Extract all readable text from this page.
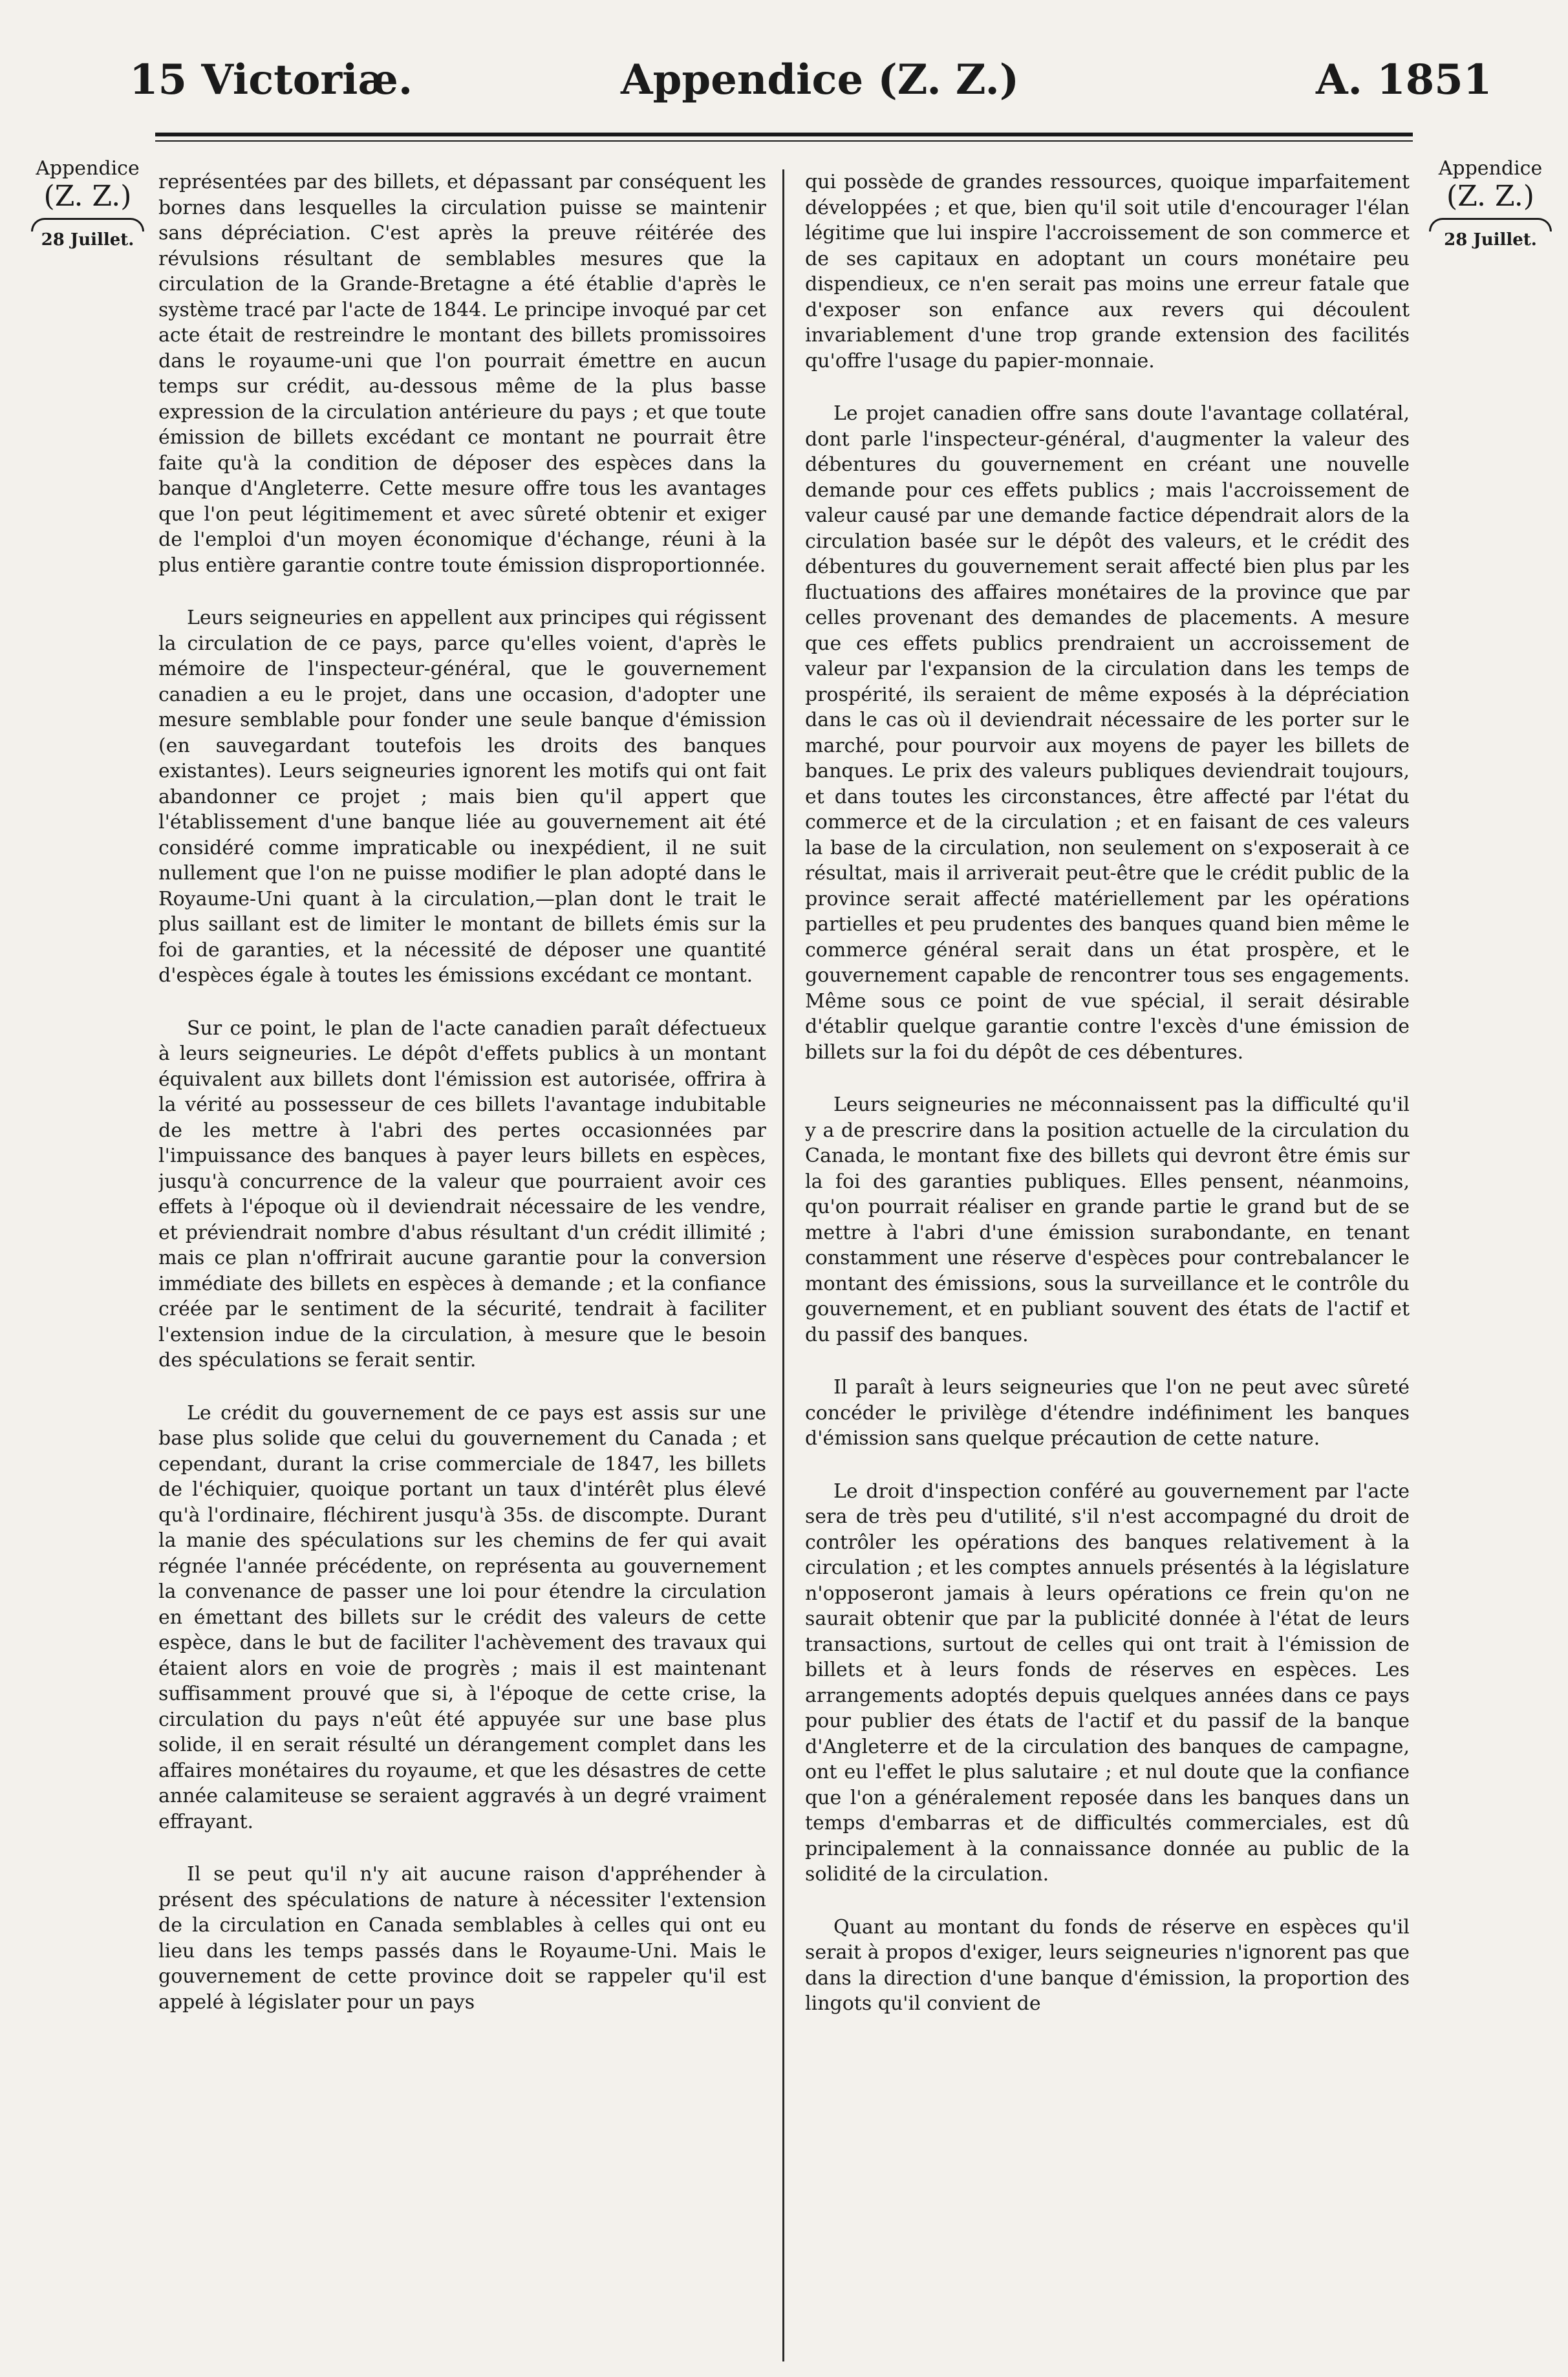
15 Victoriæ.	Appendice (Z. Z.)	A. 1851
Appendice
(Z. Z.)
28 Juillet.
Appendice
(Z. Z.)
28 Juillet.

représentées par des billets, et dépassant par conséquent les bornes dans lesquelles la circulation puisse se maintenir sans dépréciation. C'est après la preuve réitérée des révulsions résultant de semblables mesures que la circulation de la Grande-Bretagne a été établie d'après le système tracé par l'acte de 1844. Le principe invoqué par cet acte était de restreindre le montant des billets promissoires dans le royaume-uni que l'on pourrait émettre en aucun temps sur crédit, au-dessous même de la plus basse expression de la circulation antérieure du pays ; et que toute émission de billets excédant ce montant ne pourrait être faite qu'à la condition de déposer des espèces dans la banque d'Angleterre. Cette mesure offre tous les avantages que l'on peut légitimement et avec sûreté obtenir et exiger de l'emploi d'un moyen économique d'échange, réuni à la plus entière garantie contre toute émission disproportionnée.

Leurs seigneuries en appellent aux principes qui régissent la circulation de ce pays, parce qu'elles voient, d'après le mémoire de l'inspecteur-général, que le gouvernement canadien a eu le projet, dans une occasion, d'adopter une mesure semblable pour fonder une seule banque d'émission (en sauvegardant toutefois les droits des banques existantes). Leurs seigneuries ignorent les motifs qui ont fait abandonner ce projet ; mais bien qu'il appert que l'établissement d'une banque liée au gouvernement ait été considéré comme impraticable ou inexpédient, il ne suit nullement que l'on ne puisse modifier le plan adopté dans le Royaume-Uni quant à la circulation,—plan dont le trait le plus saillant est de limiter le montant de billets émis sur la foi de garanties, et la nécessité de déposer une quantité d'espèces égale à toutes les émissions excédant ce montant.

Sur ce point, le plan de l'acte canadien paraît défectueux à leurs seigneuries. Le dépôt d'effets publics à un montant équivalent aux billets dont l'émission est autorisée, offrira à la vérité au possesseur de ces billets l'avantage indubitable de les mettre à l'abri des pertes occasionnées par l'impuissance des banques à payer leurs billets en espèces, jusqu'à concurrence de la valeur que pourraient avoir ces effets à l'époque où il deviendrait nécessaire de les vendre, et préviendrait nombre d'abus résultant d'un crédit illimité ; mais ce plan n'offrirait aucune garantie pour la conversion immédiate des billets en espèces à demande ; et la confiance créée par le sentiment de la sécurité, tendrait à faciliter l'extension indue de la circulation, à mesure que le besoin des spéculations se ferait sentir.

Le crédit du gouvernement de ce pays est assis sur une base plus solide que celui du gouvernement du Canada ; et cependant, durant la crise commerciale de 1847, les billets de l'échiquier, quoique portant un taux d'intérêt plus élevé qu'à l'ordinaire, fléchirent jusqu'à 35s. de discompte. Durant la manie des spéculations sur les chemins de fer qui avait régnée l'année précédente, on représenta au gouvernement la convenance de passer une loi pour étendre la circulation en émettant des billets sur le crédit des valeurs de cette espèce, dans le but de faciliter l'achèvement des travaux qui étaient alors en voie de progrès ; mais il est maintenant suffisamment prouvé que si, à l'époque de cette crise, la circulation du pays n'eût été appuyée sur une base plus solide, il en serait résulté un dérangement complet dans les affaires monétaires du royaume, et que les désastres de cette année calamiteuse se seraient aggravés à un degré vraiment effrayant.

Il se peut qu'il n'y ait aucune raison d'appréhender à présent des spéculations de nature à nécessiter l'extension de la circulation en Canada semblables à celles qui ont eu lieu dans les temps passés dans le Royaume-Uni. Mais le gouvernement de cette province doit se rappeler qu'il est appelé à législater pour un pays

qui possède de grandes ressources, quoique imparfaitement développées ; et que, bien qu'il soit utile d'encourager l'élan légitime que lui inspire l'accroissement de son commerce et de ses capitaux en adoptant un cours monétaire peu dispendieux, ce n'en serait pas moins une erreur fatale que d'exposer son enfance aux revers qui découlent invariablement d'une trop grande extension des facilités qu'offre l'usage du papier-monnaie.

Le projet canadien offre sans doute l'avantage collatéral, dont parle l'inspecteur-général, d'augmenter la valeur des débentures du gouvernement en créant une nouvelle demande pour ces effets publics ; mais l'accroissement de valeur causé par une demande factice dépendrait alors de la circulation basée sur le dépôt des valeurs, et le crédit des débentures du gouvernement serait affecté bien plus par les fluctuations des affaires monétaires de la province que par celles provenant des demandes de placements. A mesure que ces effets publics prendraient un accroissement de valeur par l'expansion de la circulation dans les temps de prospérité, ils seraient de même exposés à la dépréciation dans le cas où il deviendrait nécessaire de les porter sur le marché, pour pourvoir aux moyens de payer les billets de banques. Le prix des valeurs publiques deviendrait toujours, et dans toutes les circonstances, être affecté par l'état du commerce et de la circulation ; et en faisant de ces valeurs la base de la circulation, non seulement on s'exposerait à ce résultat, mais il arriverait peut-être que le crédit public de la province serait affecté matériellement par les opérations partielles et peu prudentes des banques quand bien même le commerce général serait dans un état prospère, et le gouvernement capable de rencontrer tous ses engagements. Même sous ce point de vue spécial, il serait désirable d'établir quelque garantie contre l'excès d'une émission de billets sur la foi du dépôt de ces débentures.

Leurs seigneuries ne méconnaissent pas la difficulté qu'il y a de prescrire dans la position actuelle de la circulation du Canada, le montant fixe des billets qui devront être émis sur la foi des garanties publiques. Elles pensent, néanmoins, qu'on pourrait réaliser en grande partie le grand but de se mettre à l'abri d'une émission surabondante, en tenant constamment une réserve d'espèces pour contrebalancer le montant des émissions, sous la surveillance et le contrôle du gouvernement, et en publiant souvent des états de l'actif et du passif des banques.

Il paraît à leurs seigneuries que l'on ne peut avec sûreté concéder le privilège d'étendre indéfiniment les banques d'émission sans quelque précaution de cette nature.

Le droit d'inspection conféré au gouvernement par l'acte sera de très peu d'utilité, s'il n'est accompagné du droit de contrôler les opérations des banques relativement à la circulation ; et les comptes annuels présentés à la législature n'opposeront jamais à leurs opérations ce frein qu'on ne saurait obtenir que par la publicité donnée à l'état de leurs transactions, surtout de celles qui ont trait à l'émission de billets et à leurs fonds de réserves en espèces. Les arrangements adoptés depuis quelques années dans ce pays pour publier des états de l'actif et du passif de la banque d'Angleterre et de la circulation des banques de campagne, ont eu l'effet le plus salutaire ; et nul doute que la confiance que l'on a généralement reposée dans les banques dans un temps d'embarras et de difficultés commerciales, est dû principalement à la connaissance donnée au public de la solidité de la circulation.

Quant au montant du fonds de réserve en espèces qu'il serait à propos d'exiger, leurs seigneuries n'ignorent pas que dans la direction d'une banque d'émission, la proportion des lingots qu'il convient de
